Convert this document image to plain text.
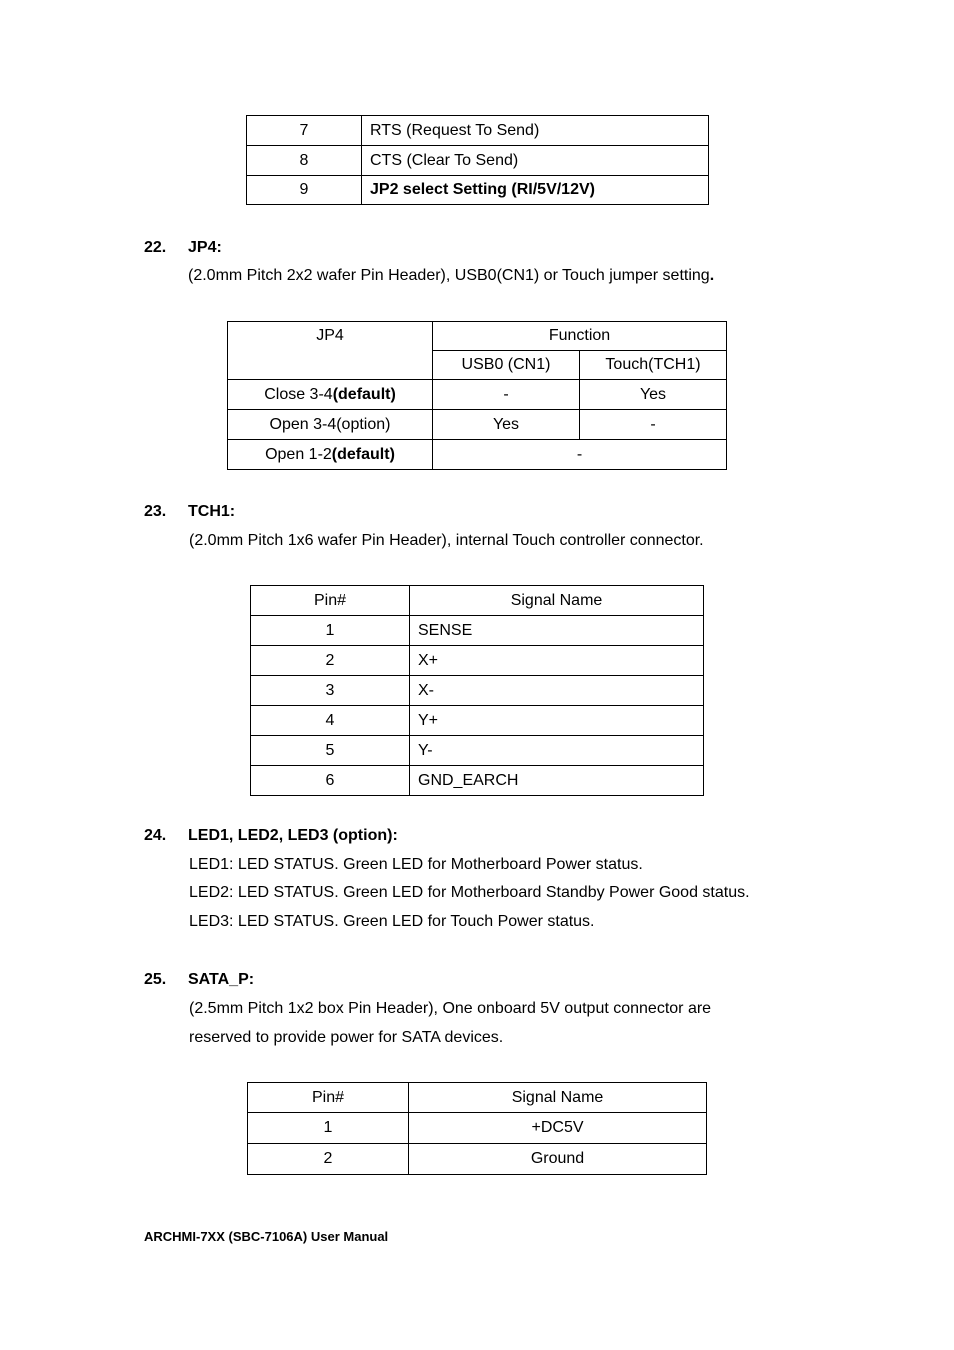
7	RTS (Request To Send)
8	CTS (Clear To Send)
9	JP2 select Setting (RI/5V/12V)
22. JP4:
(2.0mm Pitch 2x2 wafer Pin Header), USB0(CN1) or Touch jumper setting.
JP4	Function	
	USB0 (CN1)	Touch(TCH1)
Close 3-4(default)	-	Yes
Open 3-4(option)	Yes	-
Open 1-2(default)	-	
23. TCH1:
(2.0mm Pitch 1x6 wafer Pin Header), internal Touch controller connector.
Pin#	Signal Name
1	SENSE
2	X+
3	X-
4	Y+
5	Y-
6	GND_EARCH
24. LED1, LED2, LED3 (option):
LED1: LED STATUS. Green LED for Motherboard Power status.
LED2: LED STATUS. Green LED for Motherboard Standby Power Good status.
LED3: LED STATUS. Green LED for Touch Power status.
25. SATA_P:
(2.5mm Pitch 1x2 box Pin Header), One onboard 5V output connector are
reserved to provide power for SATA devices.
Pin#	Signal Name
1	+DC5V
2	Ground
ARCHMI-7XX (SBC-7106A) User Manual
